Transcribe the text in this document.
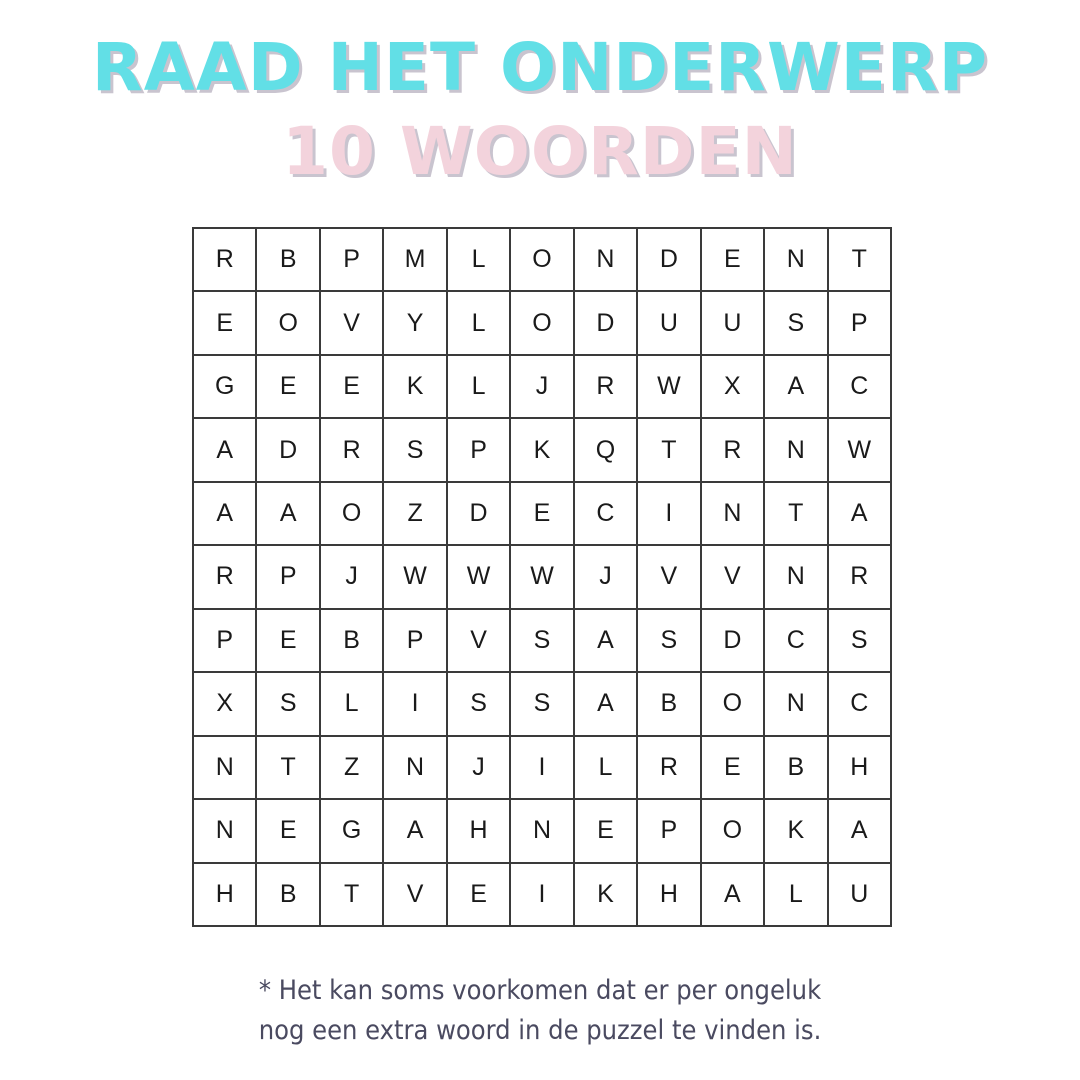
RAAD HET ONDERWERP
10 WOORDEN
R	B	P	M	L	O	N	D	E	N	T
E	O	V	Y	L	O	D	U	U	S	P
G	E	E	K	L	J	R	W	X	A	C
A	D	R	S	P	K	Q	T	R	N	W
A	A	O	Z	D	E	C	I	N	T	A
R	P	J	W	W	W	J	V	V	N	R
P	E	B	P	V	S	A	S	D	C	S
X	S	L	I	S	S	A	B	O	N	C
N	T	Z	N	J	I	L	R	E	B	H
N	E	G	A	H	N	E	P	O	K	A
H	B	T	V	E	I	K	H	A	L	U

* Het kan soms voorkomen dat er per ongeluk

nog een extra woord in de puzzel te vinden is.
